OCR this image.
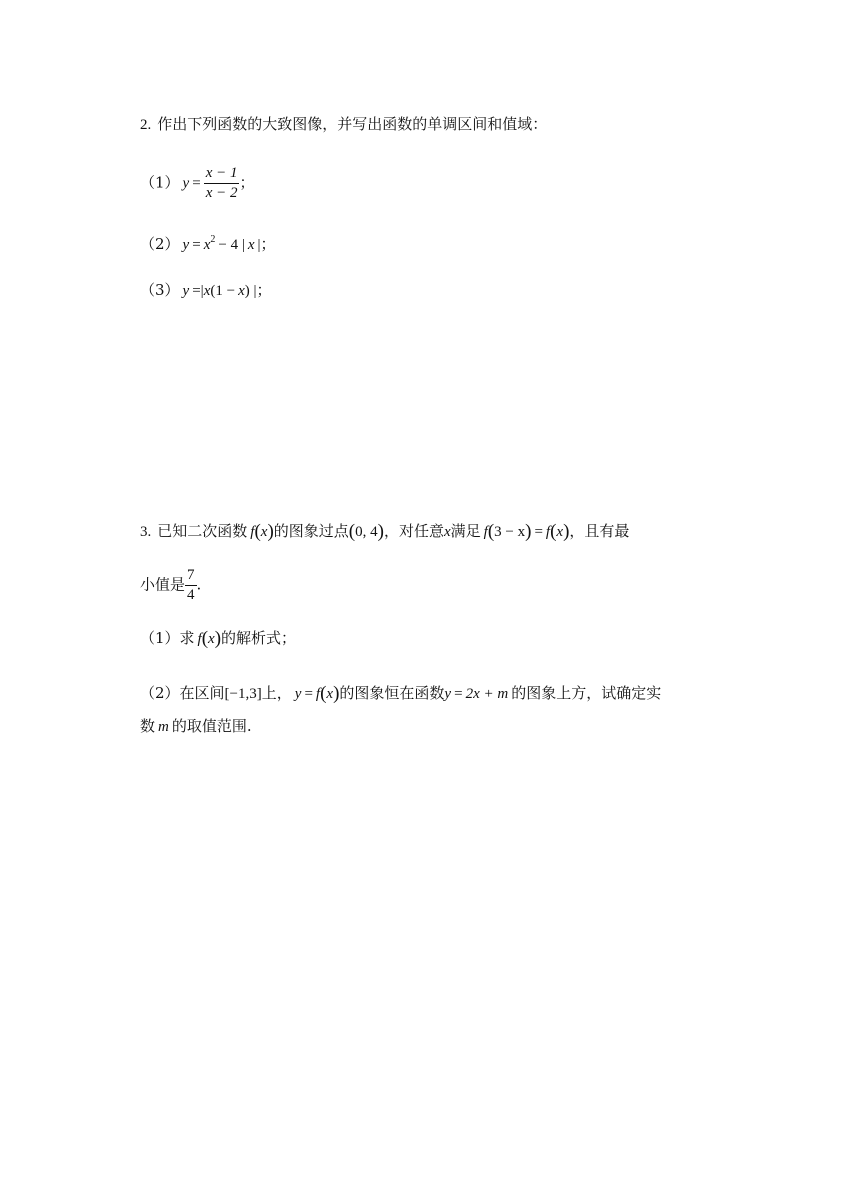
2. 作出下列函数的大致图像，并写出函数的单调区间和值域：
（1） $y = \frac{x - 1}{x - 2}$ ；
（2） $y = x^2 - 4$ | x |；
（3） y =|x(1 − x) |；
3. 已知二次函数 f(x)的图象过点(0, 4)，对任意x满足 f(3 − x) = f(x)，且有最
小值是 $\frac{7}{4}$ .
（1）求 f(x)的解析式；
（2）在区间[−1,3]上， y = f(x)的图象恒在函数y = 2x + m 的图象上方，试确定实
数 m 的取值范围.
